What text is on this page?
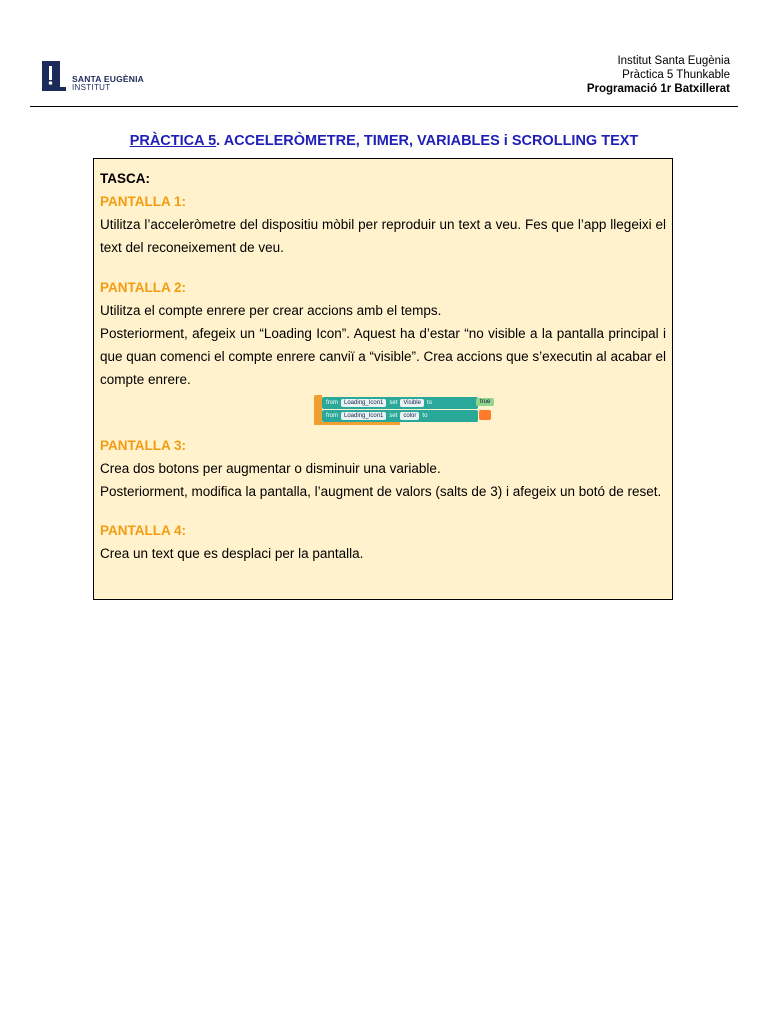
SANTA EUGÈNIA
INSTITUT
Institut Santa Eugènia
Pràctica 5 Thunkable
Programació 1r Batxillerat
PRÀCTICA 5. ACCELERÒMETRE, TIMER, VARIABLES i SCROLLING TEXT

TASCA:

PANTALLA 1:

Utilitza l’acceleròmetre del dispositiu mòbil per reproduir un text a veu. Fes que l’app llegeixi el text del reconeixement de veu.

PANTALLA 2:

Utilitza el compte enrere per crear accions amb el temps.

Posteriorment, afegeix un “Loading Icon”. Aquest ha d’estar “no visible a la pantalla principal i que quan comenci el compte enrere canviï a “visible”. Crea accions que s’executin al acabar el compte enrere.

from	Loading_Icon1	set	Visible	to	true
from	Loading_Icon1	set	color	to

PANTALLA 3:

Crea dos botons per augmentar o disminuir una variable.

Posteriorment, modifica la pantalla, l’augment de valors (salts de 3) i afegeix un botó de reset.

PANTALLA 4:

Crea un text que es desplaci per la pantalla.
